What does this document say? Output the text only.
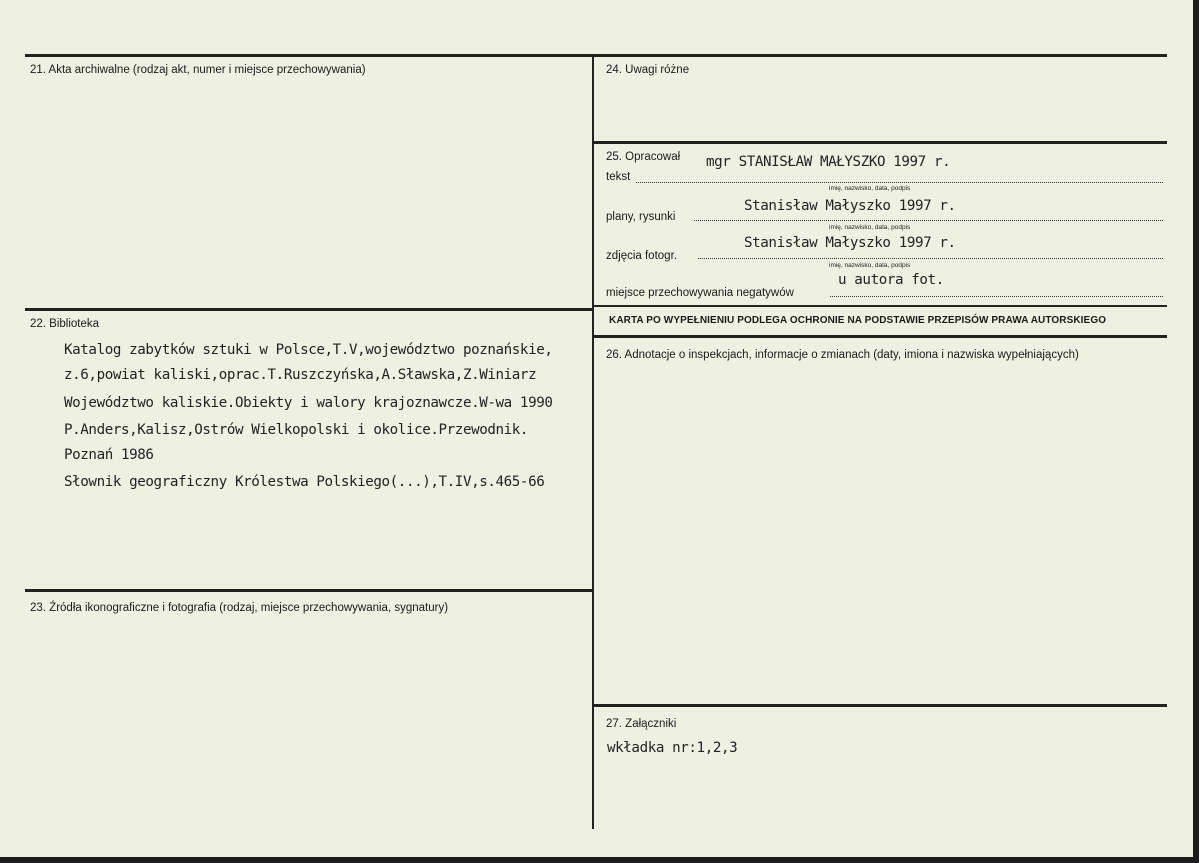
21. Akta archiwalne (rodzaj akt, numer i miejsce przechowywania)
22. Biblioteka
Katalog zabytków sztuki w Polsce,T.V,województwo poznańskie,
z.6,powiat kaliski,oprac.T.Ruszczyńska,A.Sławska,Z.Winiarz
Województwo kaliskie.Obiekty i walory krajoznawcze.W-wa 1990
P.Anders,Kalisz,Ostrów Wielkopolski i okolice.Przewodnik.
Poznań 1986
Słownik geograficzny Królestwa Polskiego(...),T.IV,s.465-66
23. Źródła ikonograficzne i fotografia (rodzaj, miejsce przechowywania, sygnatury)
24. Uwagi różne
25. Opracował mgr STANISŁAW MAŁYSZKO 1997 r.
tekst
imię, nazwisko, data, podpis
Stanisław Małyszko 1997 r.
plany, rysunki
imię, nazwisko, data, podpis
Stanisław Małyszko 1997 r.
zdjęcia fotogr.
imię, nazwisko, data, podpis
u autora fot.
miejsce przechowywania negatywów
KARTA PO WYPEŁNIENIU PODLEGA OCHRONIE NA PODSTAWIE PRZEPISÓW PRAWA AUTORSKIEGO
26. Adnotacje o inspekcjach, informacje o zmianach (daty, imiona i nazwiska wypełniających)
27. Załączniki
wkładka nr:1,2,3
